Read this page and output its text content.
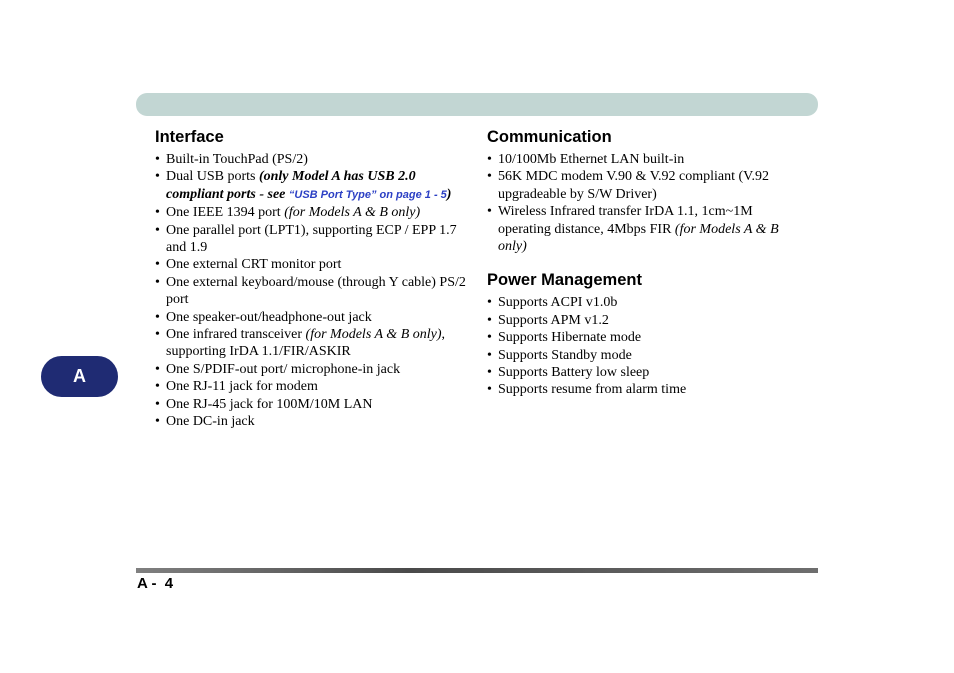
A
Interface
• Built-in TouchPad (PS/2)
• Dual USB ports (only Model A has USB 2.0 compliant ports - see “USB Port Type” on page 1 - 5)
• One IEEE 1394 port (for Models A & B only)
• One parallel port (LPT1), supporting ECP / EPP 1.7 and 1.9
• One external CRT monitor port
• One external keyboard/mouse (through Y cable) PS/2 port
• One speaker-out/headphone-out jack
• One infrared transceiver (for Models A & B only), supporting IrDA 1.1/FIR/ASKIR
• One S/PDIF-out port/ microphone-in jack
• One RJ-11 jack for modem
• One RJ-45 jack for 100M/10M LAN
• One DC-in jack
Communication
• 10/100Mb Ethernet LAN built-in
• 56K MDC modem V.90 & V.92 compliant (V.92 upgradeable by S/W Driver)
• Wireless Infrared transfer IrDA 1.1, 1cm~1M operating distance, 4Mbps FIR (for Models A & B only)
Power Management
• Supports ACPI v1.0b
• Supports APM v1.2
• Supports Hibernate mode
• Supports Standby mode
• Supports Battery low sleep
• Supports resume from alarm time
A -  4
